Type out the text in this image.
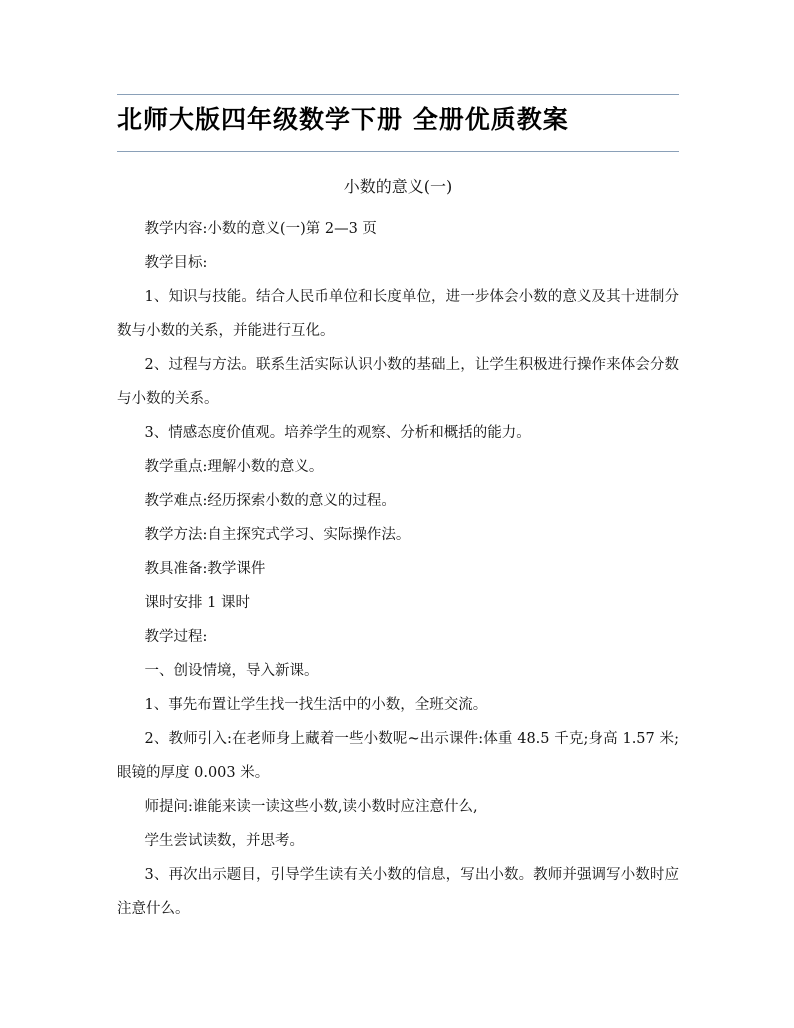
北师大版四年级数学下册 全册优质教案
小数的意义(一)

教学内容:小数的意义(一)第 2—3 页

教学目标:

1、知识与技能。结合人民币单位和长度单位，进一步体会小数的意义及其十进制分数与小数的关系，并能进行互化。

2、过程与方法。联系生活实际认识小数的基础上，让学生积极进行操作来体会分数与小数的关系。

3、情感态度价值观。培养学生的观察、分析和概括的能力。

教学重点:理解小数的意义。

教学难点:经历探索小数的意义的过程。

教学方法:自主探究式学习、实际操作法。

教具准备:教学课件

课时安排 1 课时

教学过程:

一、创设情境，导入新课。

1、事先布置让学生找一找生活中的小数，全班交流。

2、教师引入:在老师身上藏着一些小数呢~出示课件:体重 48.5 千克;身高 1.57 米;眼镜的厚度 0.003 米。

师提问:谁能来读一读这些小数,读小数时应注意什么,

学生尝试读数，并思考。

3、再次出示题目，引导学生读有关小数的信息，写出小数。教师并强调写小数时应注意什么。
